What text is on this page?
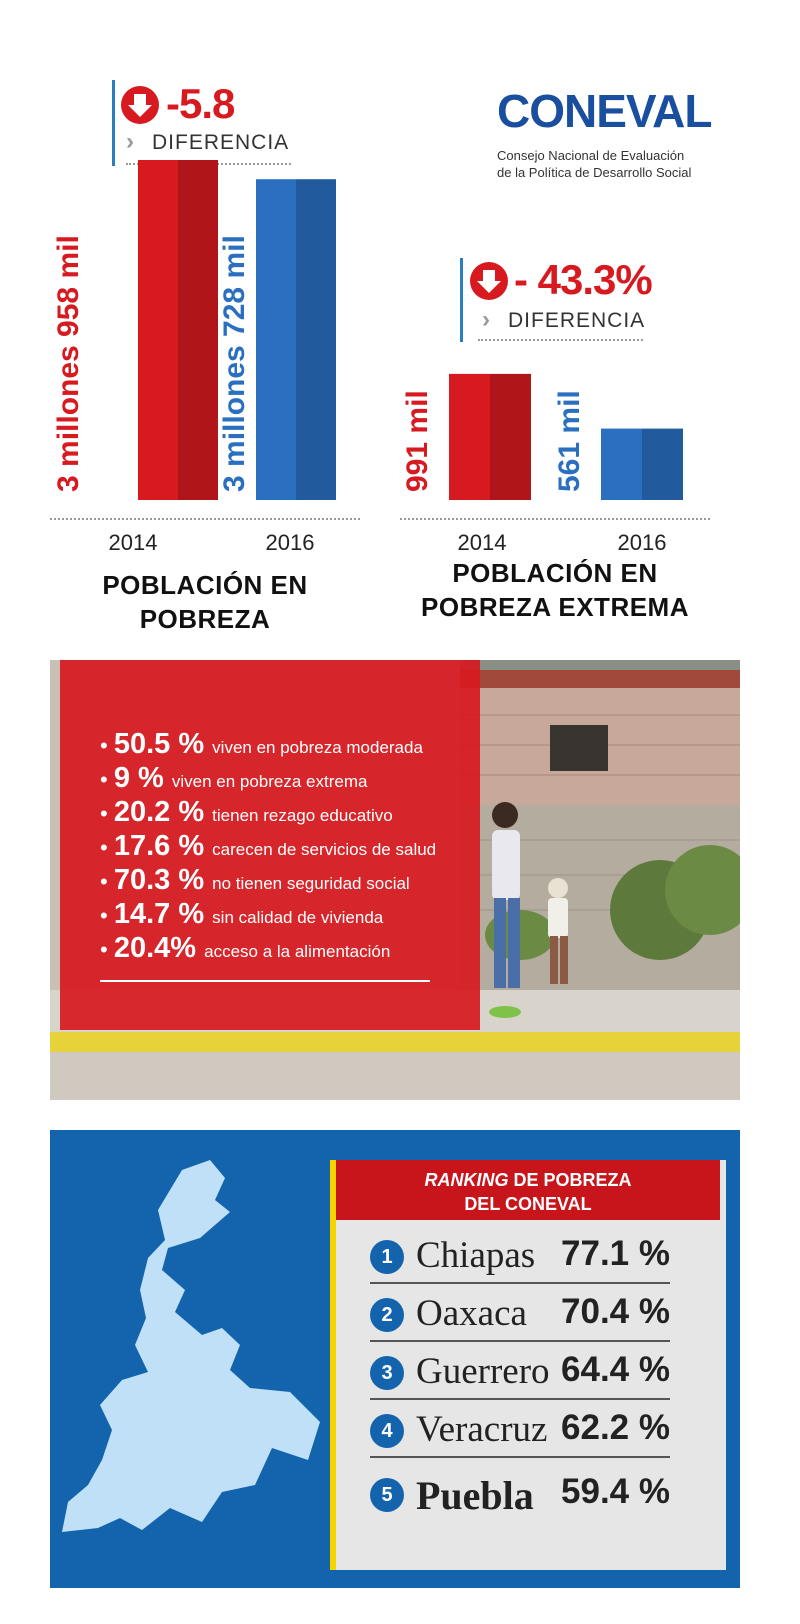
CONEVAL
Consejo Nacional de Evaluación
de la Política de Desarrollo Social
-5.8
› DIFERENCIA
3 millones 958 mil	3 millones 728 mil
2014	2016
POBLACIÓN EN POBREZA
- 43.3%
› DIFERENCIA
991 mil	561 mil
2014	2016
POBLACIÓN EN
POBREZA EXTREMA
• 50.5 % viven en pobreza moderada
• 9 % viven en pobreza extrema
• 20.2 % tienen rezago educativo
• 17.6 % carecen de servicios de salud
• 70.3 % no tienen seguridad social
• 14.7 % sin calidad de vivienda
• 20.4% acceso a la alimentación
RANKING DE POBREZA
DEL CONEVAL
1 Chiapas 77.1 %
2 Oaxaca 70.4 %
3 Guerrero 64.4 %
4 Veracruz 62.2 %
5 Puebla 59.4 %
